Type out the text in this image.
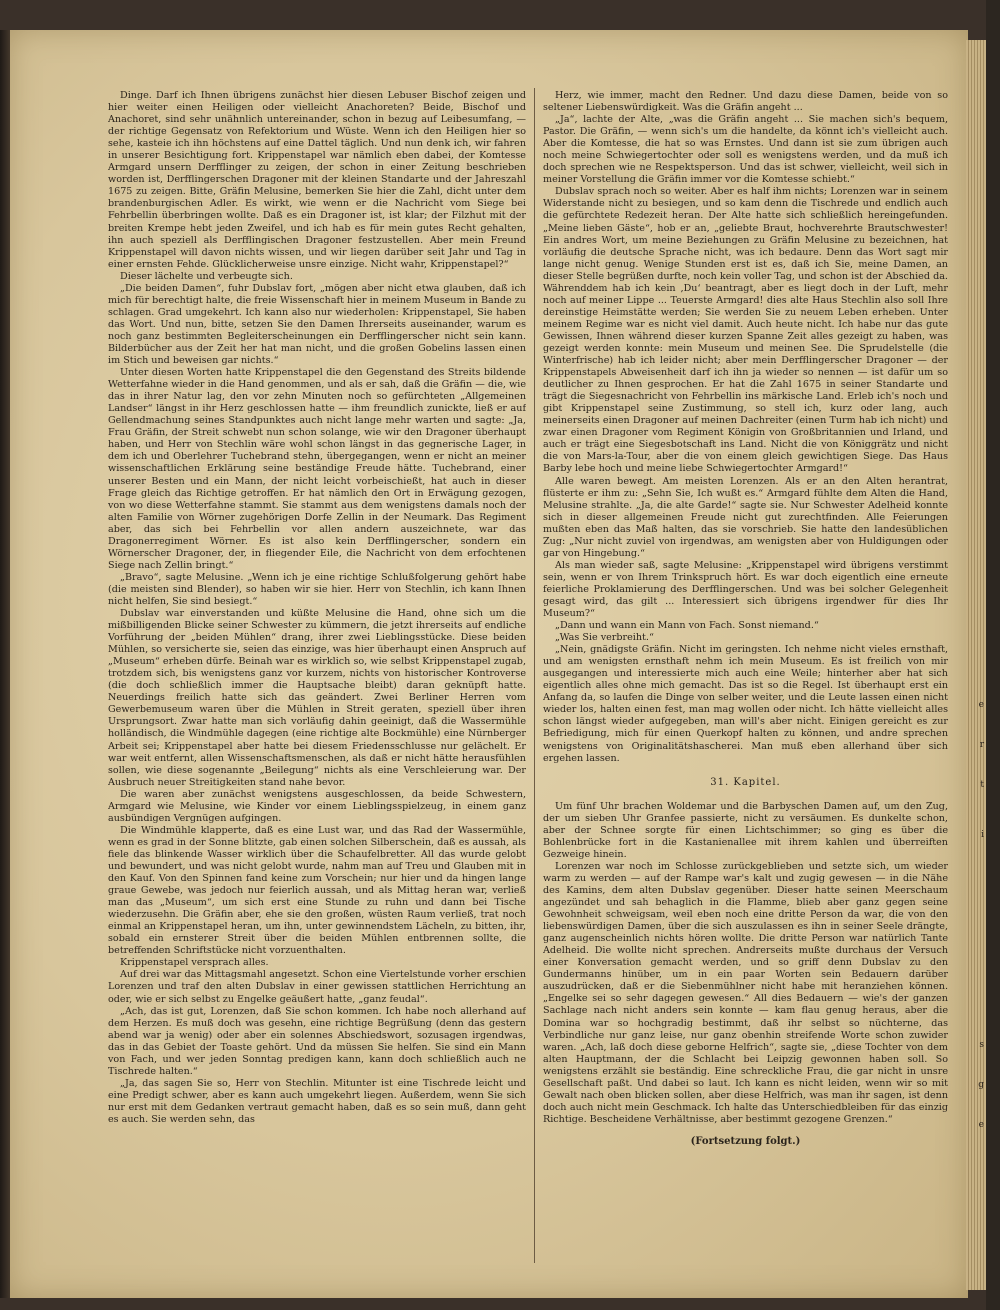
e
r
t
i
s
g
e

Dinge. Darf ich Ihnen übrigens zunächst hier diesen Lebuser Bischof zeigen und hier weiter einen Heiligen oder vielleicht Anachoreten? Beide, Bischof und Anachoret, sind sehr unähnlich untereinander, schon in bezug auf Leibesumfang, — der richtige Gegensatz von Refektorium und Wüste. Wenn ich den Heiligen hier so sehe, kasteie ich ihn höchstens auf eine Dattel täglich. Und nun denk ich, wir fahren in unserer Besichtigung fort. Krippenstapel war nämlich eben dabei, der Komtesse Armgard unsern Derfflinger zu zeigen, der schon in einer Zeitung beschrieben worden ist, Derfflingerschen Dragoner mit der kleinen Standarte und der Jahreszahl 1675 zu zeigen. Bitte, Gräfin Melusine, bemerken Sie hier die Zahl, dicht unter dem brandenburgischen Adler. Es wirkt, wie wenn er die Nachricht vom Siege bei Fehrbellin überbringen wollte. Daß es ein Dragoner ist, ist klar; der Filzhut mit der breiten Krempe hebt jeden Zweifel, und ich hab es für mein gutes Recht gehalten, ihn auch speziell als Derfflingischen Dragoner festzustellen. Aber mein Freund Krippenstapel will davon nichts wissen, und wir liegen darüber seit Jahr und Tag in einer ernsten Fehde. Glücklicherweise unsre einzige. Nicht wahr, Krippenstapel?“

Dieser lächelte und verbeugte sich.

„Die beiden Damen“, fuhr Dubslav fort, „mögen aber nicht etwa glauben, daß ich mich für berechtigt halte, die freie Wissenschaft hier in meinem Museum in Bande zu schlagen. Grad umgekehrt. Ich kann also nur wiederholen: Krippenstapel, Sie haben das Wort. Und nun, bitte, setzen Sie den Damen Ihrerseits auseinander, warum es noch ganz bestimmten Begleiterscheinungen ein Derfflingerscher nicht sein kann. Bilderbücher aus der Zeit her hat man nicht, und die großen Gobelins lassen einen im Stich und beweisen gar nichts.“

Unter diesen Worten hatte Krippenstapel die den Gegenstand des Streits bildende Wetterfahne wieder in die Hand genommen, und als er sah, daß die Gräfin — die, wie das in ihrer Natur lag, den vor zehn Minuten noch so gefürchteten „Allgemeinen Landser“ längst in ihr Herz geschlossen hatte — ihm freundlich zunickte, ließ er auf Gellendmachung seines Standpunktes auch nicht lange mehr warten und sagte: „Ja, Frau Gräfin, der Streit schwebt nun schon solange, wie wir den Dragoner überhaupt haben, und Herr von Stechlin wäre wohl schon längst in das gegnerische Lager, in dem ich und Oberlehrer Tuchebrand stehn, übergegangen, wenn er nicht an meiner wissenschaftlichen Erklärung seine beständige Freude hätte. Tuchebrand, einer unserer Besten und ein Mann, der nicht leicht vorbeischießt, hat auch in dieser Frage gleich das Richtige getroffen. Er hat nämlich den Ort in Erwägung gezogen, von wo diese Wetterfahne stammt. Sie stammt aus dem wenigstens damals noch der alten Familie von Wörner zugehörigen Dorfe Zellin in der Neumark. Das Regiment aber, das sich bei Fehrbellin vor allen andern auszeichnete, war das Dragonerregiment Wörner. Es ist also kein Derfflingerscher, sondern ein Wörnerscher Dragoner, der, in fliegender Eile, die Nachricht von dem erfochtenen Siege nach Zellin bringt.“

„Bravo“, sagte Melusine. „Wenn ich je eine richtige Schlußfolgerung gehört habe (die meisten sind Blender), so haben wir sie hier. Herr von Stechlin, ich kann Ihnen nicht helfen, Sie sind besiegt.“

Dubslav war einverstanden und küßte Melusine die Hand, ohne sich um die mißbilligenden Blicke seiner Schwester zu kümmern, die jetzt ihrerseits auf endliche Vorführung der „beiden Mühlen“ drang, ihrer zwei Lieblingsstücke. Diese beiden Mühlen, so versicherte sie, seien das einzige, was hier überhaupt einen Anspruch auf „Museum“ erheben dürfe. Beinah war es wirklich so, wie selbst Krippenstapel zugab, trotzdem sich, bis wenigstens ganz vor kurzem, nichts von historischer Kontroverse (die doch schließlich immer die Hauptsache bleibt) daran geknüpft hatte. Neuerdings freilich hatte sich das geändert. Zwei Berliner Herren vom Gewerbemuseum waren über die Mühlen in Streit geraten, speziell über ihren Ursprungsort. Zwar hatte man sich vorläufig dahin geeinigt, daß die Wassermühle holländisch, die Windmühle dagegen (eine richtige alte Bockmühle) eine Nürnberger Arbeit sei; Krippenstapel aber hatte bei diesem Friedensschlusse nur gelächelt. Er war weit entfernt, allen Wissenschaftsmenschen, als daß er nicht hätte herausfühlen sollen, wie diese sogenannte „Beilegung“ nichts als eine Verschleierung war. Der Ausbruch neuer Streitigkeiten stand nahe bevor.

Die waren aber zunächst wenigstens ausgeschlossen, da beide Schwestern, Armgard wie Melusine, wie Kinder vor einem Lieblingsspielzeug, in einem ganz ausbündigen Vergnügen aufgingen.

Die Windmühle klapperte, daß es eine Lust war, und das Rad der Wassermühle, wenn es grad in der Sonne blitzte, gab einen solchen Silberschein, daß es aussah, als fiele das blinkende Wasser wirklich über die Schaufelbretter. All das wurde gelobt und bewundert, und was nicht gelobt wurde, nahm man auf Treu und Glauben mit in den Kauf. Von den Spinnen fand keine zum Vorschein; nur hier und da hingen lange graue Gewebe, was jedoch nur feierlich aussah, und als Mittag heran war, verließ man das „Museum“, um sich erst eine Stunde zu ruhn und dann bei Tische wiederzusehn. Die Gräfin aber, ehe sie den großen, wüsten Raum verließ, trat noch einmal an Krippenstapel heran, um ihn, unter gewinnendstem Lächeln, zu bitten, ihr, sobald ein ernsterer Streit über die beiden Mühlen entbrennen sollte, die betreffenden Schriftstücke nicht vorzuenthalten.

Krippenstapel versprach alles.

Auf drei war das Mittagsmahl angesetzt. Schon eine Viertelstunde vorher erschien Lorenzen und traf den alten Dubslav in einer gewissen stattlichen Herrichtung an oder, wie er sich selbst zu Engelke geäußert hatte, „ganz feudal“.

„Ach, das ist gut, Lorenzen, daß Sie schon kommen. Ich habe noch allerhand auf dem Herzen. Es muß doch was gesehn, eine richtige Begrüßung (denn das gestern abend war ja wenig) oder aber ein solennes Abschiedswort, sozusagen irgendwas, das in das Gebiet der Toaste gehört. Und da müssen Sie helfen. Sie sind ein Mann von Fach, und wer jeden Sonntag predigen kann, kann doch schließlich auch ne Tischrede halten.“

„Ja, das sagen Sie so, Herr von Stechlin. Mitunter ist eine Tischrede leicht und eine Predigt schwer, aber es kann auch umgekehrt liegen. Außerdem, wenn Sie sich nur erst mit dem Gedanken vertraut gemacht haben, daß es so sein muß, dann geht es auch. Sie werden sehn, das

Herz, wie immer, macht den Redner. Und dazu diese Damen, beide von so seltener Liebenswürdigkeit. Was die Gräfin angeht ...

„Ja“, lachte der Alte, „was die Gräfin angeht ... Sie machen sich's bequem, Pastor. Die Gräfin, — wenn sich's um die handelte, da könnt ich's vielleicht auch. Aber die Komtesse, die hat so was Ernstes. Und dann ist sie zum übrigen auch noch meine Schwiegertochter oder soll es wenigstens werden, und da muß ich doch sprechen wie ne Respektsperson. Und das ist schwer, vielleicht, weil sich in meiner Vorstellung die Gräfin immer vor die Komtesse schiebt.“

Dubslav sprach noch so weiter. Aber es half ihm nichts; Lorenzen war in seinem Widerstande nicht zu besiegen, und so kam denn die Tischrede und endlich auch die gefürchtete Redezeit heran. Der Alte hatte sich schließlich hereingefunden. „Meine lieben Gäste“, hob er an, „geliebte Braut, hochverehrte Brautschwester! Ein andres Wort, um meine Beziehungen zu Gräfin Melusine zu bezeichnen, hat vorläufig die deutsche Sprache nicht, was ich bedaure. Denn das Wort sagt mir lange nicht genug. Wenige Stunden erst ist es, daß ich Sie, meine Damen, an dieser Stelle begrüßen durfte, noch kein voller Tag, und schon ist der Abschied da. Währenddem hab ich kein ‚Du‘ beantragt, aber es liegt doch in der Luft, mehr noch auf meiner Lippe ... Teuerste Armgard! dies alte Haus Stechlin also soll Ihre dereinstige Heimstätte werden; Sie werden Sie zu neuem Leben erheben. Unter meinem Regime war es nicht viel damit. Auch heute nicht. Ich habe nur das gute Gewissen, Ihnen während dieser kurzen Spanne Zeit alles gezeigt zu haben, was gezeigt werden konnte: mein Museum und meinen See. Die Sprudelstelle (die Winterfrische) hab ich leider nicht; aber mein Derfflingerscher Dragoner — der Krippenstapels Abweisenheit darf ich ihn ja wieder so nennen — ist dafür um so deutlicher zu Ihnen gesprochen. Er hat die Zahl 1675 in seiner Standarte und trägt die Siegesnachricht von Fehrbellin ins märkische Land. Erleb ich's noch und gibt Krippenstapel seine Zustimmung, so stell ich, kurz oder lang, auch meinerseits einen Dragoner auf meinen Dachreiter (einen Turm hab ich nicht) und zwar einen Dragoner vom Regiment Königin von Großbritannien und Irland, und auch er trägt eine Siegesbotschaft ins Land. Nicht die von Königgrätz und nicht die von Mars-la-Tour, aber die von einem gleich gewichtigen Siege. Das Haus Barby lebe hoch und meine liebe Schwiegertochter Armgard!“

Alle waren bewegt. Am meisten Lorenzen. Als er an den Alten herantrat, flüsterte er ihm zu: „Sehn Sie, Ich wußt es.“ Armgard fühlte dem Alten die Hand, Melusine strahlte. „Ja, die alte Garde!“ sagte sie. Nur Schwester Adelheid konnte sich in dieser allgemeinen Freude nicht gut zurechtfinden. Alle Feierungen mußten eben das Maß halten, das sie vorschrieb. Sie hatte den landesüblichen Zug: „Nur nicht zuviel von irgendwas, am wenigsten aber von Huldigungen oder gar von Hingebung.“

Als man wieder saß, sagte Melusine: „Krippenstapel wird übrigens verstimmt sein, wenn er von Ihrem Trinkspruch hört. Es war doch eigentlich eine erneute feierliche Proklamierung des Derfflingerschen. Und was bei solcher Gelegenheit gesagt wird, das gilt ... Interessiert sich übrigens irgendwer für dies Ihr Museum?“

„Dann und wann ein Mann von Fach. Sonst niemand.“

„Was Sie verbreiht.“

„Nein, gnädigste Gräfin. Nicht im geringsten. Ich nehme nicht vieles ernsthaft, und am wenigsten ernsthaft nehm ich mein Museum. Es ist freilich von mir ausgegangen und interessierte mich auch eine Weile; hinterher aber hat sich eigentlich alles ohne mich gemacht. Das ist so die Regel. Ist überhaupt erst ein Anfang da, so laufen die Dinge von selber weiter, und die Leute lassen einen nicht wieder los, halten einen fest, man mag wollen oder nicht. Ich hätte vielleicht alles schon längst wieder aufgegeben, man will's aber nicht. Einigen gereicht es zur Befriedigung, mich für einen Querkopf halten zu können, und andre sprechen wenigstens von Originalitätshascherei. Man muß eben allerhand über sich ergehen lassen.

31. Kapitel.

Um fünf Uhr brachen Woldemar und die Barbyschen Damen auf, um den Zug, der um sieben Uhr Granfee passierte, nicht zu versäumen. Es dunkelte schon, aber der Schnee sorgte für einen Lichtschimmer; so ging es über die Bohlenbrücke fort in die Kastanienallee mit ihrem kahlen und überreiften Gezweige hinein.

Lorenzen war noch im Schlosse zurückgeblieben und setzte sich, um wieder warm zu werden — auf der Rampe war's kalt und zugig gewesen — in die Nähe des Kamins, dem alten Dubslav gegenüber. Dieser hatte seinen Meerschaum angezündet und sah behaglich in die Flamme, blieb aber ganz gegen seine Gewohnheit schweigsam, weil eben noch eine dritte Person da war, die von den liebenswürdigen Damen, über die sich auszulassen es ihn in seiner Seele drängte, ganz augenscheinlich nichts hören wollte. Die dritte Person war natürlich Tante Adelheid. Die wollte nicht sprechen. Andrerseits mußte durchaus der Versuch einer Konversation gemacht werden, und so griff denn Dubslav zu den Gundermanns hinüber, um in ein paar Worten sein Bedauern darüber auszudrücken, daß er die Siebenmühlner nicht habe mit heranziehen können. „Engelke sei so sehr dagegen gewesen.“ All dies Bedauern — wie's der ganzen Sachlage nach nicht anders sein konnte — kam flau genug heraus, aber die Domina war so hochgradig bestimmt, daß ihr selbst so nüchterne, das Verbindliche nur ganz leise, nur ganz obenhin streifende Worte schon zuwider waren. „Ach, laß doch diese geborne Helfrich“, sagte sie, „diese Tochter von dem alten Hauptmann, der die Schlacht bei Leipzig gewonnen haben soll. So wenigstens erzählt sie beständig. Eine schreckliche Frau, die gar nicht in unsre Gesellschaft paßt. Und dabei so laut. Ich kann es nicht leiden, wenn wir so mit Gewalt nach oben blicken sollen, aber diese Helfrich, was man ihr sagen, ist denn doch auch nicht mein Geschmack. Ich halte das Unterschiedbleiben für das einzig Richtige. Bescheidene Verhältnisse, aber bestimmt gezogene Grenzen.“

(Fortsetzung folgt.)
